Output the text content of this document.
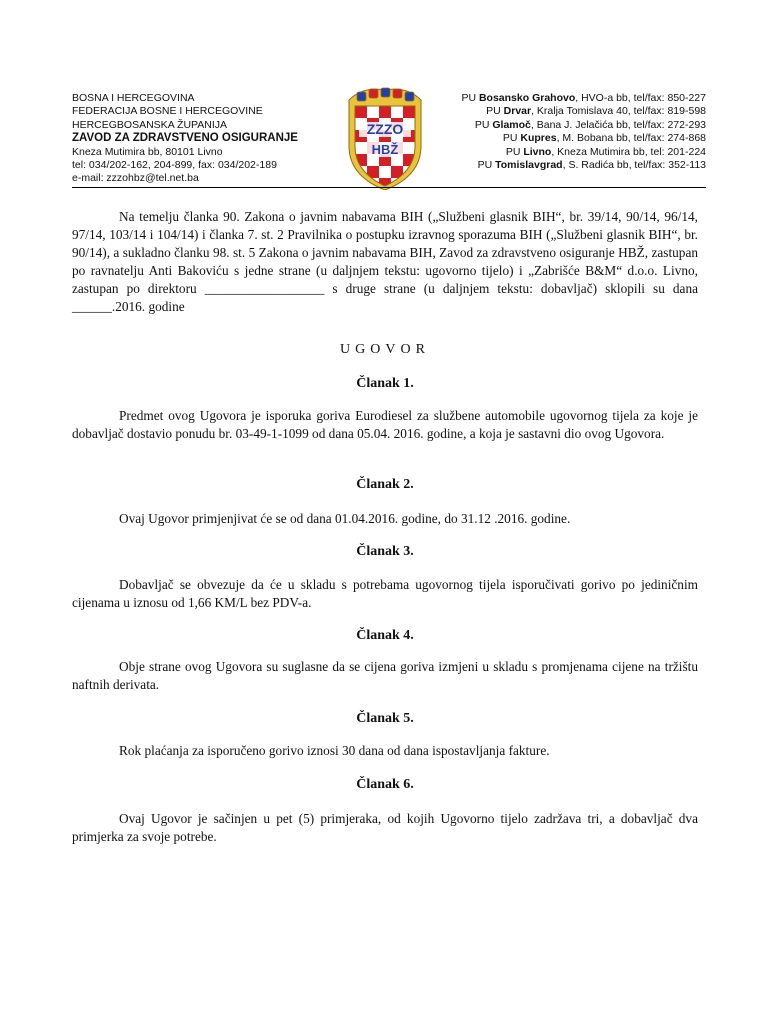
BOSNA I HERCEGOVINA
FEDERACIJA BOSNE I HERCEGOVINE
HERCEGBOSANSKA ŽUPANIJA
ZAVOD ZA ZDRAVSTVENO OSIGURANJE
Kneza Mutimira bb, 80101 Livno
tel: 034/202-162, 204-899, fax: 034/202-189
e-mail: zzzohbz@tel.net.ba
ZZZO
HBŽ
PU Bosansko Grahovo, HVO-a bb, tel/fax: 850-227
PU Drvar, Kralja Tomislava 40, tel/fax: 819-598
PU Glamoč, Bana J. Jelačića bb, tel/fax: 272-293
PU Kupres, M. Bobana bb, tel/fax: 274-868
PU Livno, Kneza Mutimira bb, tel: 201-224
PU Tomislavgrad, S. Radića bb, tel/fax: 352-113
Na temelju članka 90. Zakona o javnim nabavama BIH („Službeni glasnik BIH“, br. 39/14, 90/14, 96/14, 97/14, 103/14 i 104/14) i članka 7. st. 2 Pravilnika o postupku izravnog sporazuma BIH („Službeni glasnik BIH“, br. 90/14), a sukladno članku 98. st. 5 Zakona o javnim nabavama BIH, Zavod za zdravstveno osiguranje HBŽ, zastupan po ravnatelju Anti Bakoviću s jedne strane (u daljnjem tekstu: ugovorno tijelo) i „Zabrišće B&M“ d.o.o. Livno, zastupan po direktoru __________________ s druge strane (u daljnjem tekstu: dobavljač) sklopili su dana ______.2016. godine
UGOVOR
Članak 1.
Predmet ovog Ugovora je isporuka goriva Eurodiesel za službene automobile ugovornog tijela za koje je dobavljač dostavio ponudu br. 03-49-1-1099 od dana 05.04. 2016. godine, a koja je sastavni dio ovog Ugovora.
Članak 2.
Ovaj Ugovor primjenjivat će se od dana 01.04.2016. godine, do 31.12 .2016. godine.
Članak 3.
Dobavljač se obvezuje da će u skladu s potrebama ugovornog tijela isporučivati gorivo po jediničnim cijenama u iznosu od 1,66 KM/L bez PDV-a.
Članak 4.
Obje strane ovog Ugovora su suglasne da se cijena goriva izmjeni u skladu s promjenama cijene na tržištu naftnih derivata.
Članak 5.
Rok plaćanja za isporučeno gorivo iznosi 30 dana od dana ispostavljanja fakture.
Članak 6.
Ovaj Ugovor je sačinjen u pet (5) primjeraka, od kojih Ugovorno tijelo zadržava tri, a dobavljač dva primjerka za svoje potrebe.
